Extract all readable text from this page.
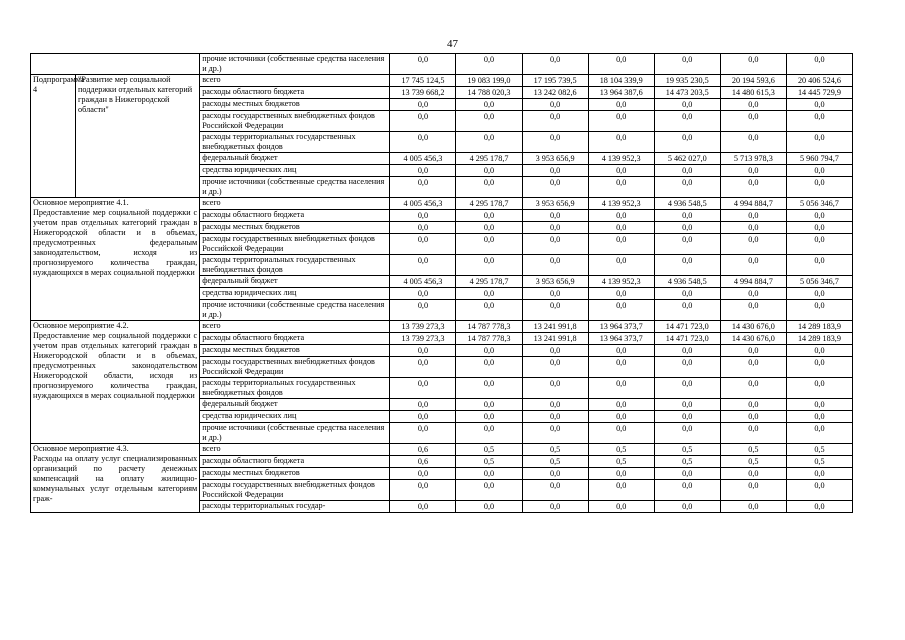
47
		прочие источники (собственные средства населения и др.)	0,0	0,0	0,0	0,0	0,0	0,0	0,0
Подпрограмма 4	"Развитие мер социальной поддержки отдельных категорий граждан в Нижегородской области"	всего	17 745 124,5	19 083 199,0	17 195 739,5	18 104 339,9	19 935 230,5	20 194 593,6	20 406 524,6
		расходы областного бюджета	13 739 668,2	14 788 020,3	13 242 082,6	13 964 387,6	14 473 203,5	14 480 615,3	14 445 729,9
		расходы местных бюджетов	0,0	0,0	0,0	0,0	0,0	0,0	0,0
		расходы государственных внебюджетных фондов Российской Федерации	0,0	0,0	0,0	0,0	0,0	0,0	0,0
		расходы территориальных государственных внебюджетных фондов	0,0	0,0	0,0	0,0	0,0	0,0	0,0
		федеральный бюджет	4 005 456,3	4 295 178,7	3 953 656,9	4 139 952,3	5 462 027,0	5 713 978,3	5 960 794,7
		средства юридических лиц	0,0	0,0	0,0	0,0	0,0	0,0	0,0
		прочие источники (собственные средства населения и др.)	0,0	0,0	0,0	0,0	0,0	0,0	0,0

Основное мероприятие 4.1.
Предоставление мер социальной поддержки с учетом прав отдельных категорий граждан в Нижегородской области и в объемах, предусмотренных федеральным законодательством, исходя из прогнозируемого количества граждан, нуждающихся в мерах социальной поддержки		всего	4 005 456,3	4 295 178,7	3 953 656,9	4 139 952,3	4 936 548,5	4 994 884,7	5 056 346,7
		расходы областного бюджета	0,0	0,0	0,0	0,0	0,0	0,0	0,0
		расходы местных бюджетов	0,0	0,0	0,0	0,0	0,0	0,0	0,0
		расходы государственных внебюджетных фондов Российской Федерации	0,0	0,0	0,0	0,0	0,0	0,0	0,0
		расходы территориальных государственных внебюджетных фондов	0,0	0,0	0,0	0,0	0,0	0,0	0,0
		федеральный бюджет	4 005 456,3	4 295 178,7	3 953 656,9	4 139 952,3	4 936 548,5	4 994 884,7	5 056 346,7
		средства юридических лиц	0,0	0,0	0,0	0,0	0,0	0,0	0,0
		прочие источники (собственные средства населения и др.)	0,0	0,0	0,0	0,0	0,0	0,0	0,0

Основное мероприятие 4.2.
Предоставление мер социальной поддержки с учетом прав отдельных категорий граждан в Нижегородской области и в объемах, предусмотренных законодательством Нижегородской области, исходя из прогнозируемого количества граждан, нуждающихся в мерах социальной поддержки		всего	13 739 273,3	14 787 778,3	13 241 991,8	13 964 373,7	14 471 723,0	14 430 676,0	14 289 183,9
		расходы областного бюджета	13 739 273,3	14 787 778,3	13 241 991,8	13 964 373,7	14 471 723,0	14 430 676,0	14 289 183,9
		расходы местных бюджетов	0,0	0,0	0,0	0,0	0,0	0,0	0,0
		расходы государственных внебюджетных фондов Российской Федерации	0,0	0,0	0,0	0,0	0,0	0,0	0,0
		расходы территориальных государственных внебюджетных фондов	0,0	0,0	0,0	0,0	0,0	0,0	0,0
		федеральный бюджет	0,0	0,0	0,0	0,0	0,0	0,0	0,0
		средства юридических лиц	0,0	0,0	0,0	0,0	0,0	0,0	0,0
		прочие источники (собственные средства населения и др.)	0,0	0,0	0,0	0,0	0,0	0,0	0,0

Основное мероприятие 4.3.
Расходы на оплату услуг специализированных организаций по расчету денежных компенсаций на оплату жилищно-коммунальных услуг отдельным категориям граж-		всего	0,6	0,5	0,5	0,5	0,5	0,5	0,5
		расходы областного бюджета	0,6	0,5	0,5	0,5	0,5	0,5	0,5
		расходы местных бюджетов	0,0	0,0	0,0	0,0	0,0	0,0	0,0
		расходы государственных внебюджетных фондов Российской Федерации	0,0	0,0	0,0	0,0	0,0	0,0	0,0
		расходы территориальных государ-	0,0	0,0	0,0	0,0	0,0	0,0	0,0
